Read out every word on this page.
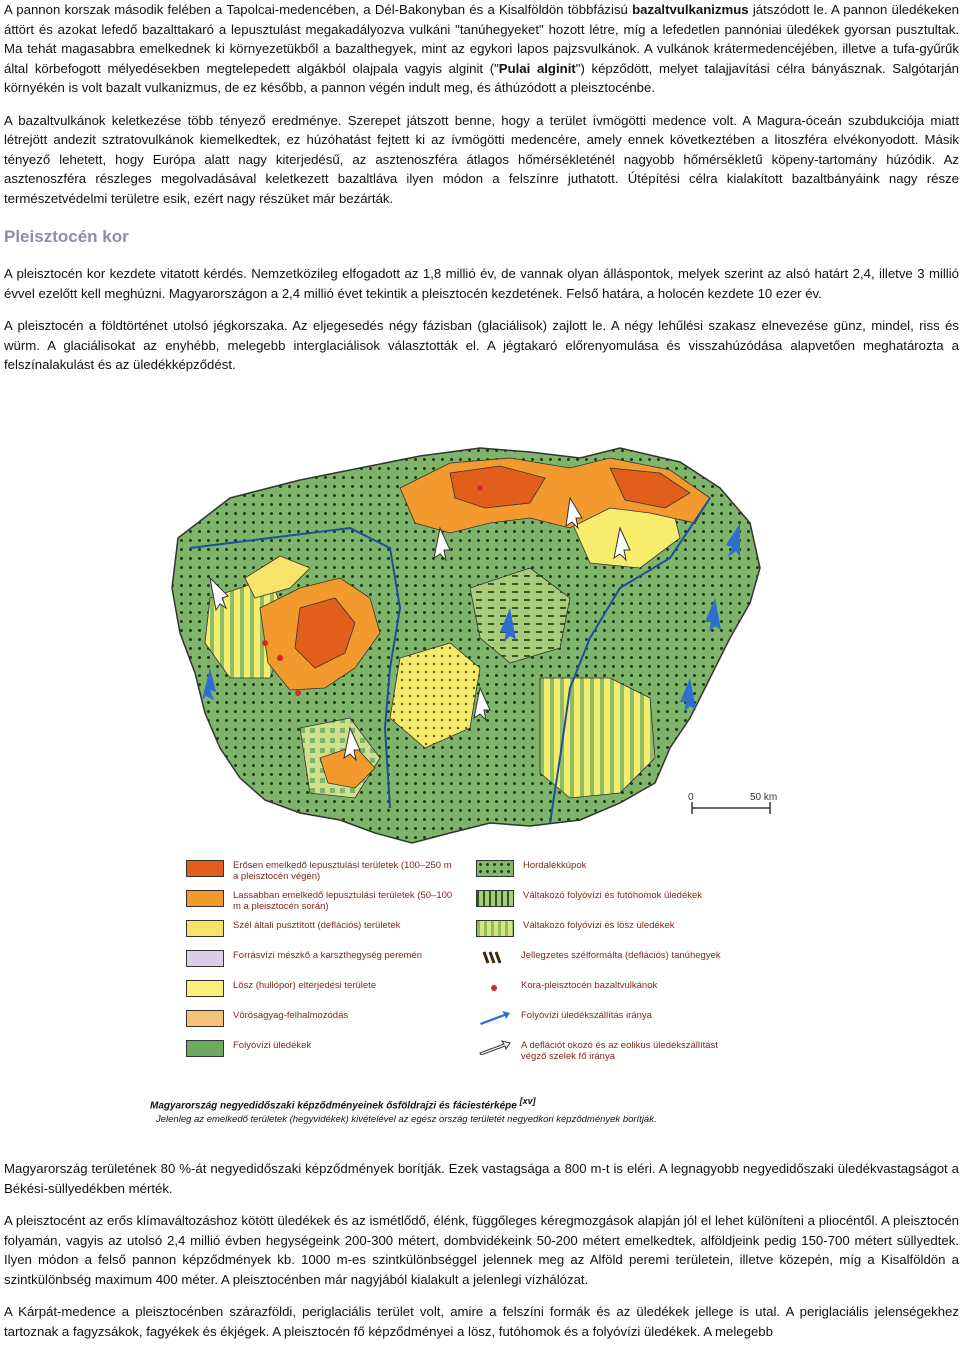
A pannon korszak második felében a Tapolcai-medencében, a Dél-Bakonyban és a Kisalföldön többfázisú bazaltvulkanizmus játszódott le. A pannon üledékeken áttört és azokat lefedő bazalttakaró a lepusztulást megakadályozva vulkáni "tanúhegyeket" hozott létre, míg a lefedetlen pannóniai üledékek gyorsan pusztultak. Ma tehát magasabbra emelkednek ki környezetükből a bazalthegyek, mint az egykori lapos pajzsvulkánok. A vulkánok krátermedencéjében, illetve a tufa-gyűrűk által körbefogott mélyedésekben megtelepedett algákból olajpala vagyis alginit ("Pulai alginit") képződött, melyet talajjavítási célra bányásznak. Salgótarján környékén is volt bazalt vulkanizmus, de ez később, a pannon végén indult meg, és áthúzódott a pleisztocénbe.

A bazaltvulkánok keletkezése több tényező eredménye. Szerepet játszott benne, hogy a terület ívmögötti medence volt. A Magura-óceán szubdukciója miatt létrejött andezit sztratovulkánok kiemelkedtek, ez húzóhatást fejtett ki az ívmögötti medencére, amely ennek következtében a litoszféra elvékonyodott. Másik tényező lehetett, hogy Európa alatt nagy kiterjedésű, az asztenoszféra átlagos hőmérsékleténél nagyobb hőmérsékletű köpeny-tartomány húzódik. Az asztenoszféra részleges megolvadásával keletkezett bazaltláva ilyen módon a felszínre juthatott. Útépítési célra kialakított bazaltbányáink nagy része természetvédelmi területre esik, ezért nagy részüket már bezárták.

Pleisztocén kor

A pleisztocén kor kezdete vitatott kérdés. Nemzetközileg elfogadott az 1,8 millió év, de vannak olyan álláspontok, melyek szerint az alsó határt 2,4, illetve 3 millió évvel ezelőtt kell meghúzni. Magyarországon a 2,4 millió évet tekintik a pleisztocén kezdetének. Felső határa, a holocén kezdete 10 ezer év.

A pleisztocén a földtörténet utolsó jégkorszaka. Az eljegesedés négy fázisban (glaciálisok) zajlott le. A négy lehűlési szakasz elnevezése günz, mindel, riss és würm. A glaciálisokat az enyhébb, melegebb interglaciálisok választották el. A jégtakaró előrenyomulása és visszahúzódása alapvetően meghatározta a felszínalakulást és az üledékképződést.

0	50 km
Erősen emelkedő lepusztulási területek (100–250 m a pleisztocén végén)
Lassabban emelkedő lepusztulási területek (50–100 m a pleisztocén során)
Szél általi pusztított (deflációs) területek
Forrásvízi mészkő a karszthegység peremén
Lösz (hullópor) elterjedési területe
Vörösagyag-felhalmozódás
Folyóvízi üledékek
Hordalékkúpok
Váltakozó folyóvízi és futóhomok üledékek
Váltakozó folyóvízi és lösz üledékek
Jellegzetes szélformálta (deflációs) tanúhegyek
Kora-pleisztocén bazaltvulkánok
Folyóvízi üledékszállítás iránya
A deflációt okozó és az eolikus üledékszállítást végző szelek fő iránya
Magyarország negyedidőszaki képződményeinek ősföldrajzi és fáciestérképe [xv]
Jelenleg az emelkedő területek (hegyvidékek) kivételével az egész ország területét negyedkori képződmények borítják.

Magyarország területének 80 %-át negyedidőszaki képződmények borítják. Ezek vastagsága a 800 m-t is eléri. A legnagyobb negyedidőszaki üledékvastagságot a Békési-süllyedékben mérték.

A pleisztocént az erős klímaváltozáshoz kötött üledékek és az ismétlődő, élénk, függőleges kéregmozgások alapján jól el lehet különíteni a pliocéntől. A pleisztocén folyamán, vagyis az utolsó 2,4 millió évben hegységeink 200-300 métert, dombvidékeink 50-200 métert emelkedtek, alföldjeink pedig 150-700 métert süllyedtek. Ilyen módon a felső pannon képződmények kb. 1000 m-es szintkülönbséggel jelennek meg az Alföld peremi területein, illetve közepén, míg a Kisalföldön a szintkülönbség maximum 400 méter. A pleisztocénben már nagyjából kialakult a jelenlegi vízhálózat.

A Kárpát-medence a pleisztocénben szárazföldi, periglaciális terület volt, amire a felszíni formák és az üledékek jellege is utal. A periglaciális jelenségekhez tartoznak a fagyzsákok, fagyékek és ékjégek. A pleisztocén fő képződményei a lösz, futóhomok és a folyóvízi üledékek. A melegebb
